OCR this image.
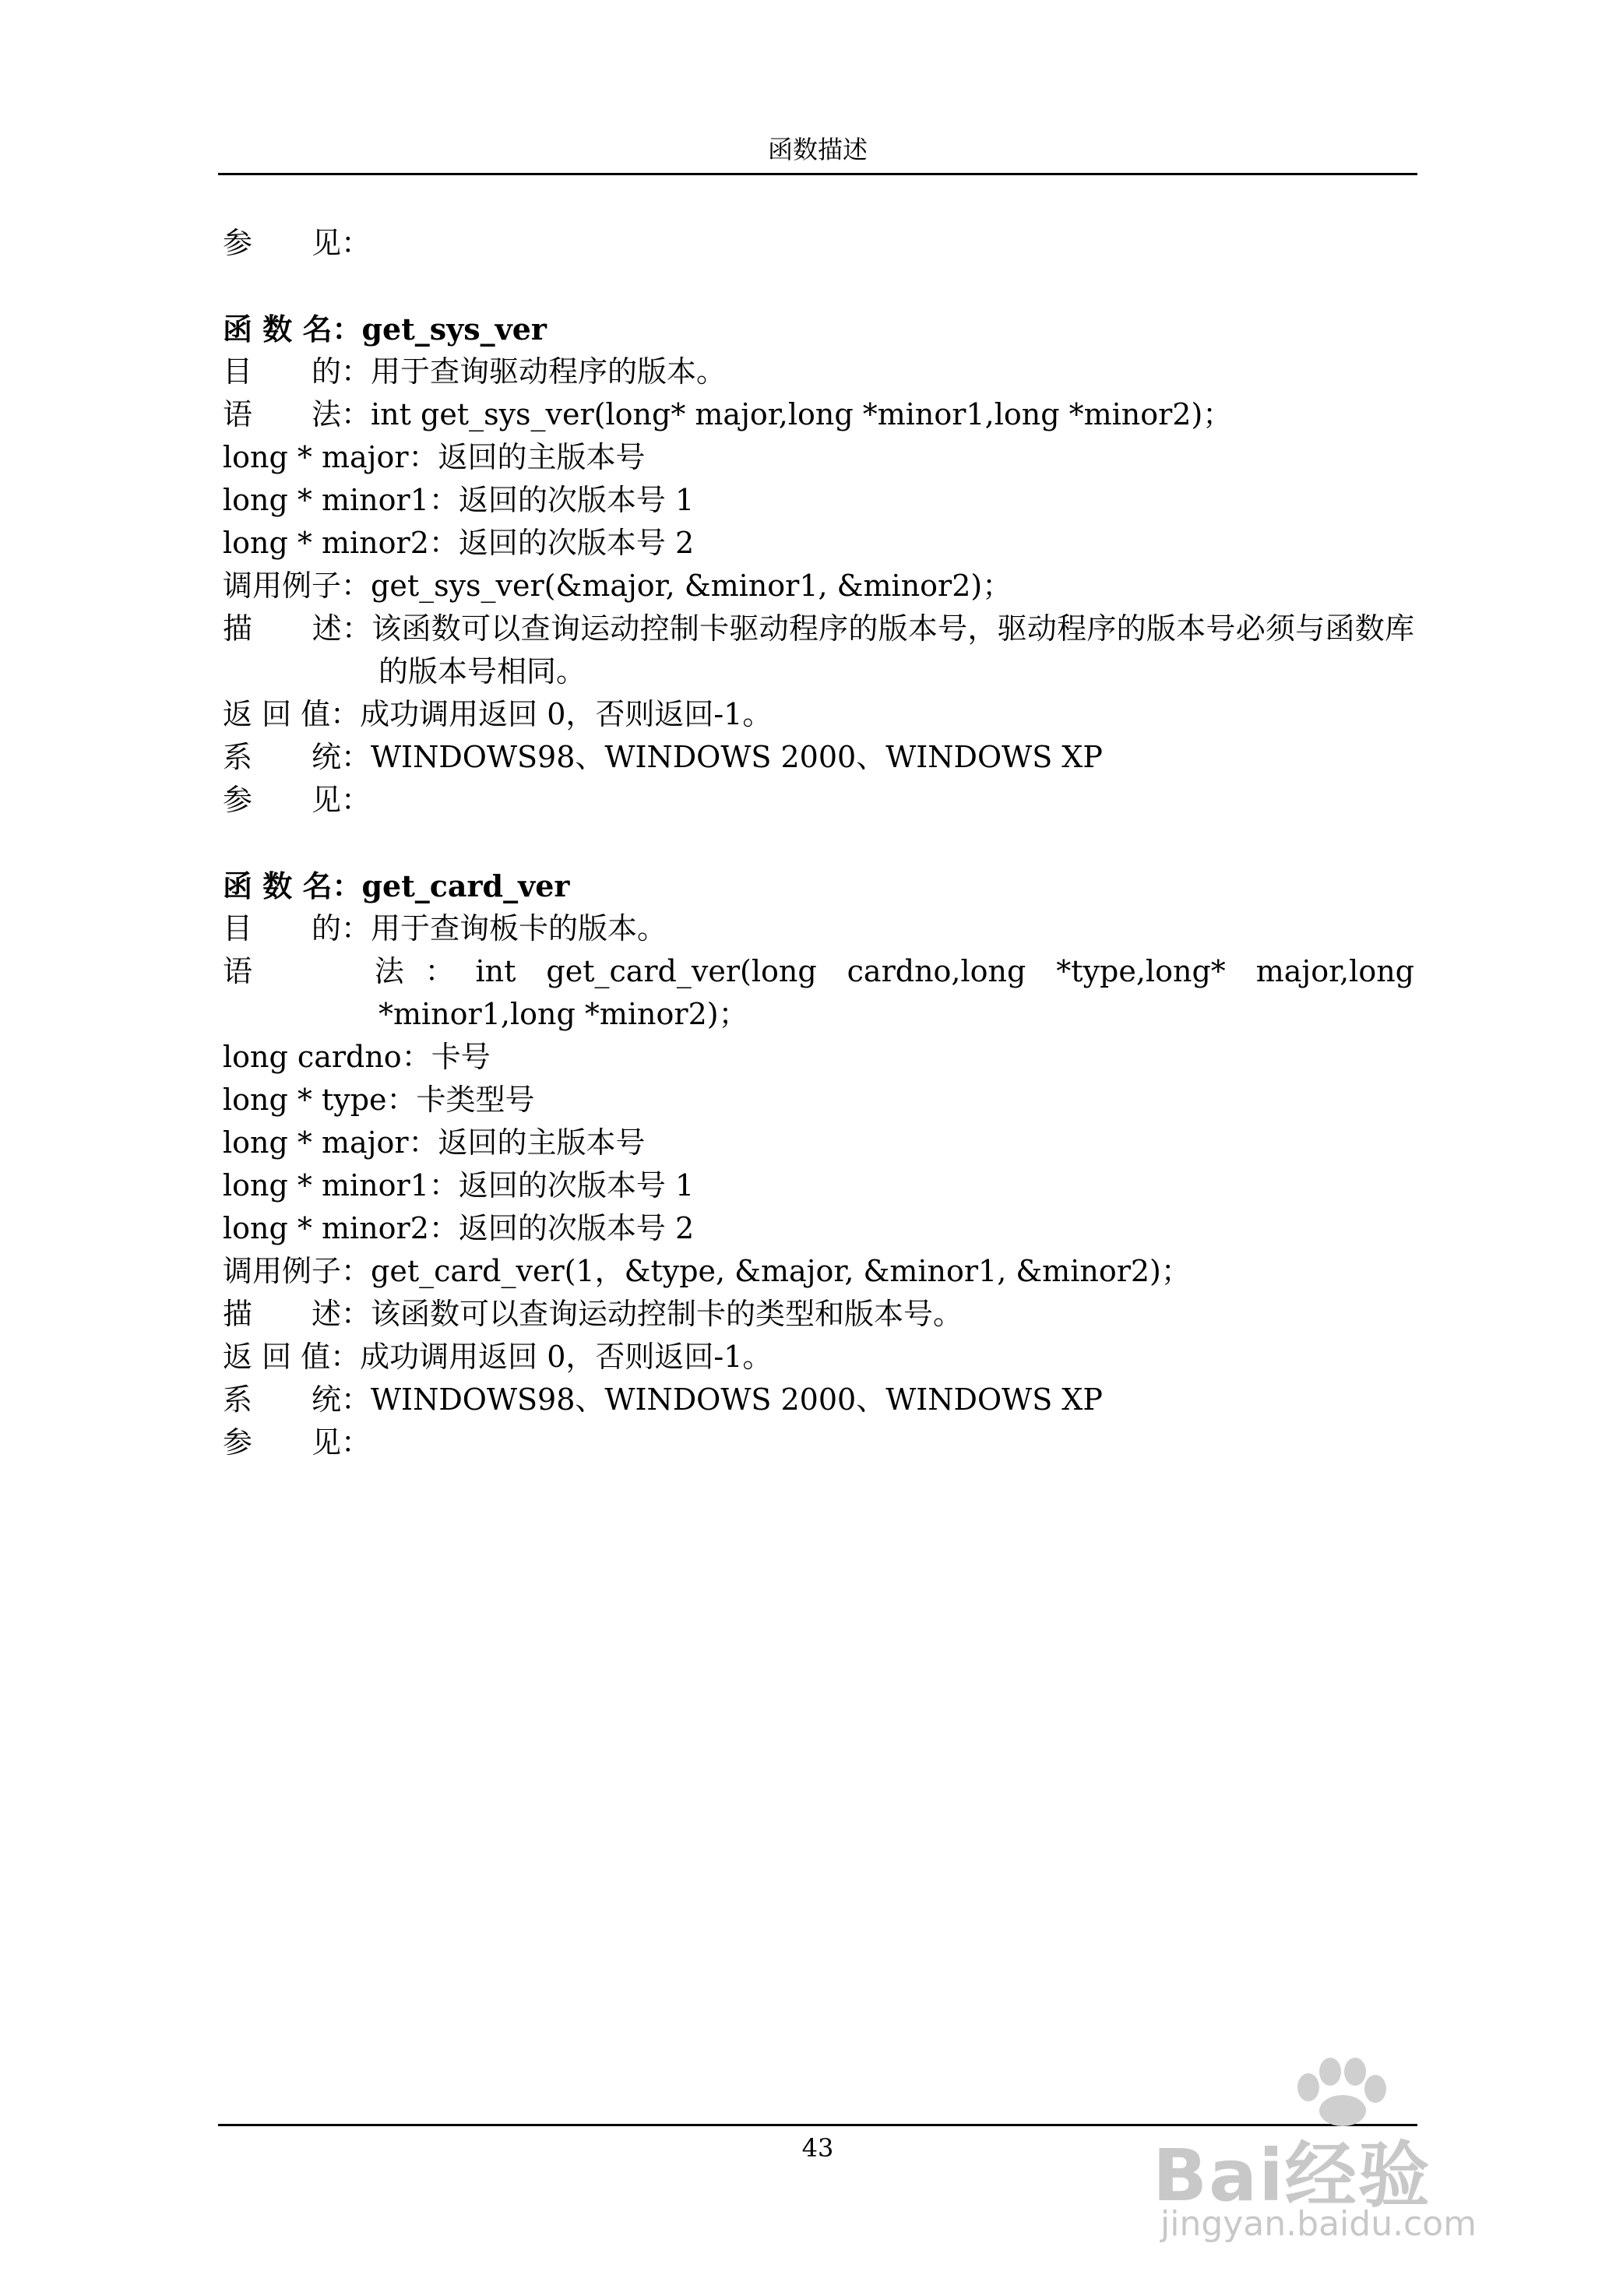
函数描述
参　　见：
函 数 名：get_sys_ver
目　　的：用于查询驱动程序的版本。
语　　法：int get_sys_ver(long* major,long *minor1,long *minor2)；
long * major：返回的主版本号
long * minor1：返回的次版本号 1
long * minor2：返回的次版本号 2
调用例子：get_sys_ver(&major, &minor1, &minor2)；
描　　述：该函数可以查询运动控制卡驱动程序的版本号，驱动程序的版本号必须与函数库的版本号相同。
返 回 值：成功调用返回 0，否则返回-1。
系　　统：WINDOWS98、WINDOWS 2000、WINDOWS XP
参　　见：
函 数 名：get_card_ver
目　　的：用于查询板卡的版本。
语　　法：int get_card_ver(long cardno,long *type,long* major,long *minor1,long *minor2)；
long cardno：卡号
long * type：卡类型号
long * major：返回的主版本号
long * minor1：返回的次版本号 1
long * minor2：返回的次版本号 2
调用例子：get_card_ver(1，&type, &major, &minor1, &minor2)；
描　　述：该函数可以查询运动控制卡的类型和版本号。
返 回 值：成功调用返回 0，否则返回-1。
系　　统：WINDOWS98、WINDOWS 2000、WINDOWS XP
参　　见：
43	Bai经验
jingyan.baidu.com
